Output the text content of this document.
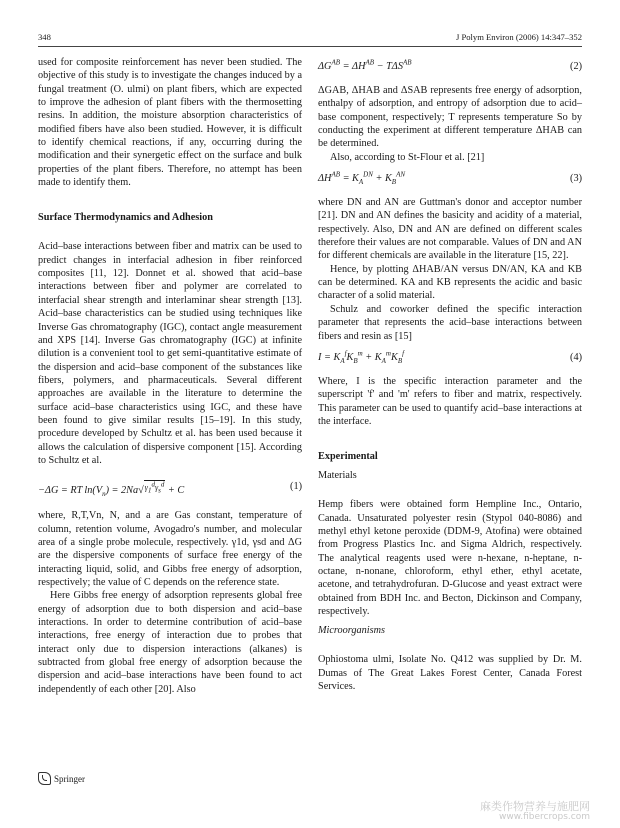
348	J Polym Environ (2006) 14:347–352

used for composite reinforcement has never been studied. The objective of this study is to investigate the changes induced by a fungal treatment (O. ulmi) on plant fibers, which are expected to improve the adhesion of plant fibers with the thermosetting resins. In addition, the moisture absorption characteristics of modified fibers have also been studied. However, it is difficult to identify chemical reactions, if any, occurring during the modification and their synergetic effect on the surface and bulk properties of the plant fibers. Therefore, no attempt has been made to identify them.

Surface Thermodynamics and Adhesion

Acid–base interactions between fiber and matrix can be used to predict changes in interfacial adhesion in fiber reinforced composites [11, 12]. Donnet et al. showed that acid–base interactions between fiber and polymer are correlated to interfacial shear strength and interlaminar shear strength [13]. Acid–base characteristics can be studied using techniques like Inverse Gas chromatography (IGC), contact angle measurement and XPS [14]. Inverse Gas chromatography (IGC) at infinite dilution is a convenient tool to get semi-quantitative estimate of the dispersion and acid–base component of the substances like fibers, polymers, and pharmaceuticals. Several different approaches are available in the literature to determine the surface acid–base characteristics using IGC, and these have been found to give similar results [15–19]. In this study, procedure developed by Schultz et al. has been used because it allows the calculation of dispersive component [15]. According to Schultz et al.

−ΔG = RT $\ln(V_n) = 2Na√\gamma_1^d\gamma_s^d + C$	(1)

where, R,T,Vn, N, and a are Gas constant, temperature of column, retention volume, Avogadro's number, and molecular area of a single probe molecule, respectively. γ1d, γsd and ΔG are the dispersive components of surface free energy of the interacting liquid, solid, and Gibbs free energy of adsorption, respectively; the value of C depends on the reference state.

Here Gibbs free energy of adsorption represents global free energy of adsorption due to both dispersion and acid–base interactions. In order to determine contribution of acid–base interactions, free energy of interaction due to probes that interact only due to dispersion interactions (alkanes) is subtracted from global free energy of adsorption because the dispersion and acid–base interactions have been found to act independently of each other [20]. Also

$\Delta G^{AB} = \Delta H^{AB} - T\Delta S^{AB}$	(2)

ΔGAB, ΔHAB and ΔSAB represents free energy of adsorption, enthalpy of adsorption, and entropy of adsorption due to acid–base component, respectively; T represents temperature So by conducting the experiment at different temperature ΔHAB can be determined.

Also, according to St-Flour et al. [21]

$\Delta H^{AB} = K_A^{DN} + K_B^{AN}$	(3)

where DN and AN are Guttman's donor and acceptor number [21]. DN and AN defines the basicity and acidity of a material, respectively. Also, DN and AN are defined on different scales therefore their values are not comparable. Values of DN and AN for different chemicals are available in the literature [15, 22].

Hence, by plotting ΔHAB/AN versus DN/AN, KA and KB can be determined. KA and KB represents the acidic and basic character of a solid material.

Schulz and coworker defined the specific interaction parameter that represents the acid–base interactions between fibers and resin as [15]

$I = K_A^fK_B^m + K_A^mK_B^f$	(4)

Where, I is the specific interaction parameter and the superscript 'f' and 'm' refers to fiber and matrix, respectively. This parameter can be used to quantify acid–base interactions at the interface.

Experimental
Materials

Hemp fibers were obtained form Hempline Inc., Ontario, Canada. Unsaturated polyester resin (Stypol 040-8086) and methyl ethyl ketone peroxide (DDM-9, Atofina) were obtained from Progress Plastics Inc. and Sigma Aldrich, respectively. The analytical reagents used were n-hexane, n-heptane, n-octane, n-nonane, chloroform, ethyl ether, ethyl acetate, acetone, and tetrahydrofuran. D-Glucose and yeast extract were obtained from BDH Inc. and Becton, Dickinson and Company, respectively.

Microorganisms

Ophiostoma ulmi, Isolate No. Q412 was supplied by Dr. M. Dumas of The Great Lakes Forest Center, Canada Forest Services.

Springer
麻类作物营养与施肥网
www.fibercrops.com
